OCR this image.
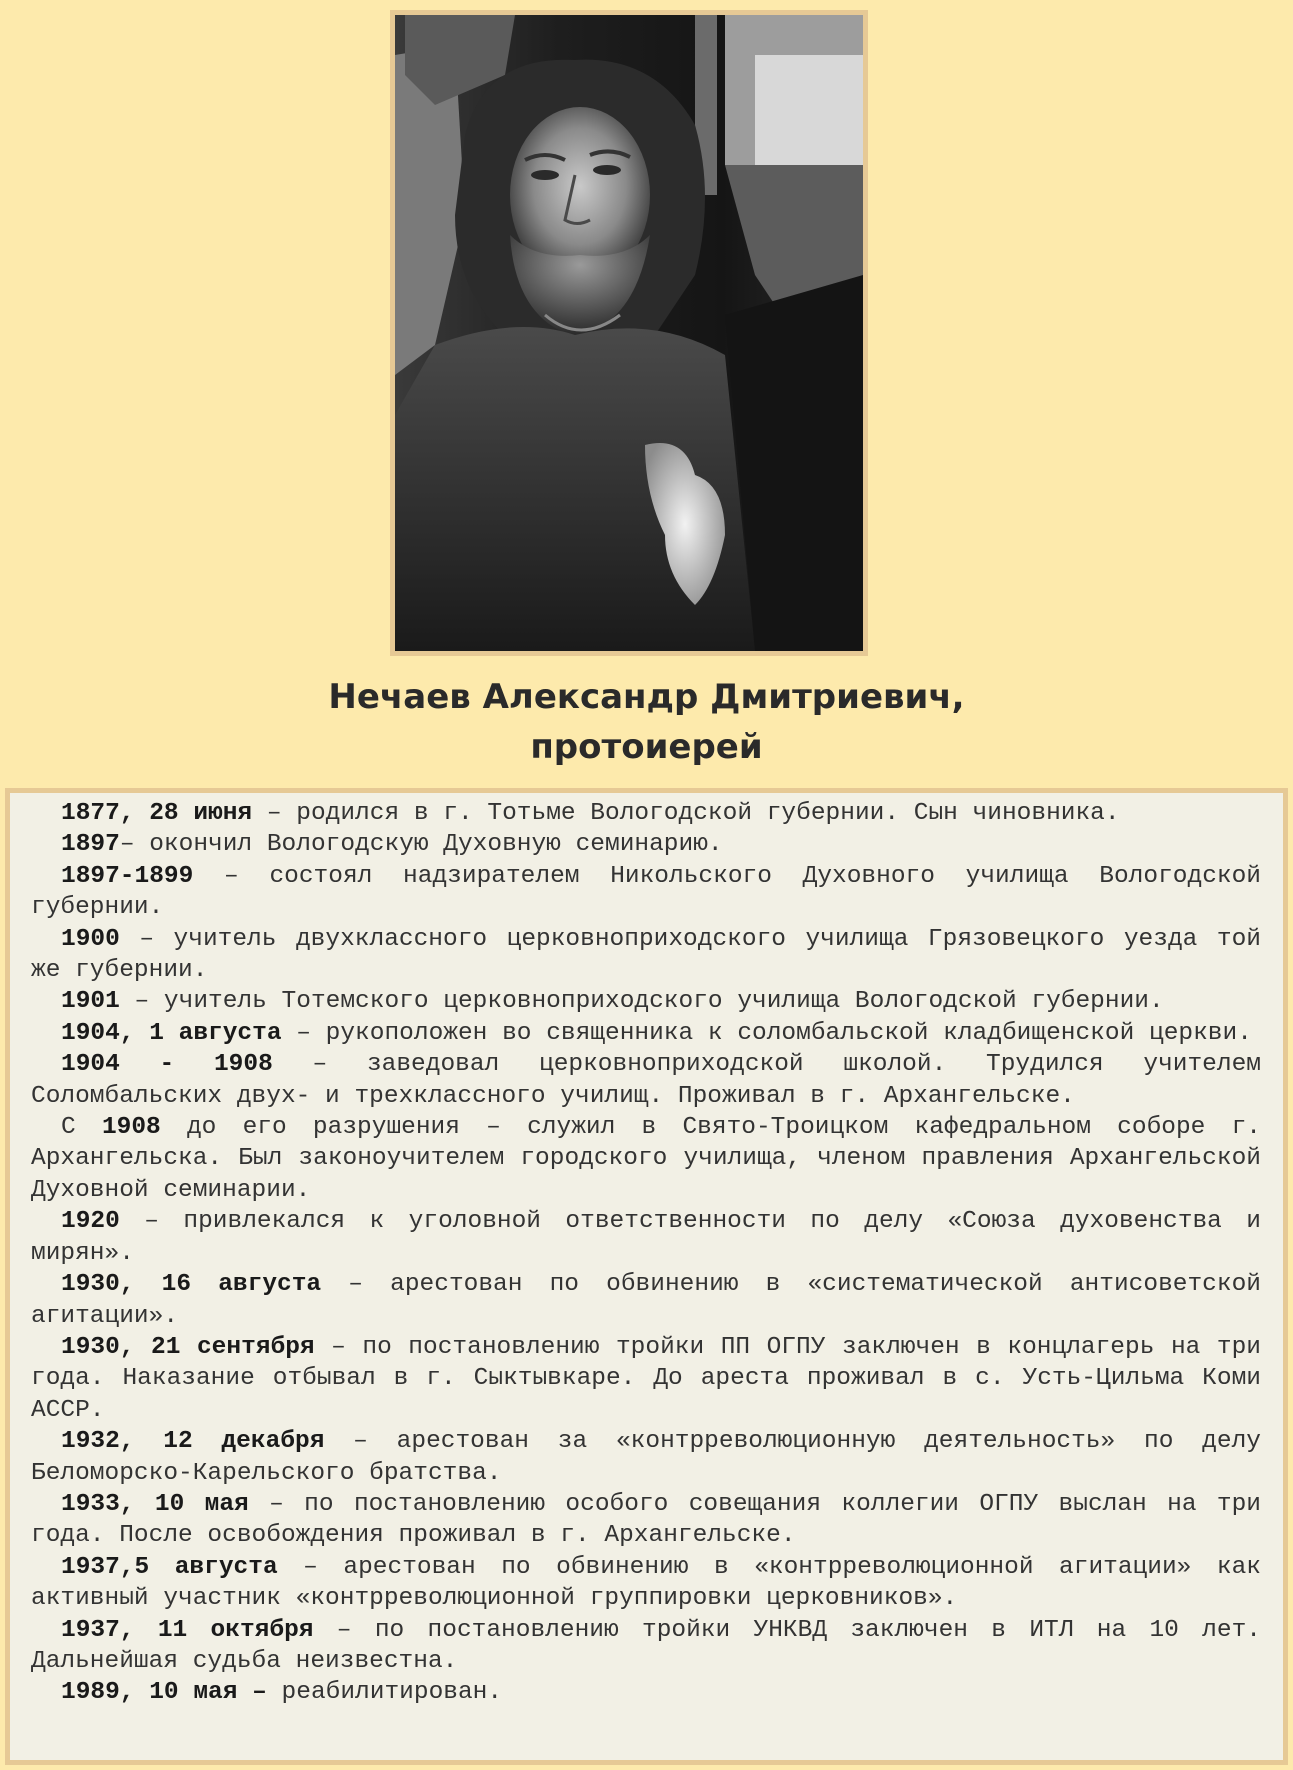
Нечаев Александр Дмитриевич,
протоиерей

1877, 28 июня – родился в г. Тотьме Вологодской губернии. Сын чиновника.

1897– окончил Вологодскую Духовную семинарию.

1897-1899 – состоял надзирателем Никольского Духовного училища Вологодской губернии.

1900 – учитель двухклассного церковноприходского училища Грязовецкого уезда той же губернии.

1901 – учитель Тотемского церковноприходского училища Вологодской губернии.

1904, 1 августа – рукоположен во священника к соломбальской кладбищенской церкви.

1904 - 1908 – заведовал церковноприходской школой. Трудился учителем Соломбальских двух- и трехклассного училищ. Проживал в г. Архангельске.

С 1908 до его разрушения – служил в Свято-Троицком кафедральном соборе г. Архангельска. Был законоучителем городского училища, членом правления Архангельской Духовной семинарии.

1920 – привлекался к уголовной ответственности по делу «Союза духовенства и мирян».

1930, 16 августа – арестован по обвинению в «систематической антисоветской агитации».

1930, 21 сентября – по постановлению тройки ПП ОГПУ заключен в концлагерь на три года. Наказание отбывал в г. Сыктывкаре. До ареста проживал в с. Усть-Цильма Коми АССР.

1932, 12 декабря – арестован за «контрреволюционную деятельность» по делу Беломорско-Карельского братства.

1933, 10 мая – по постановлению особого совещания коллегии ОГПУ выслан на три года. После освобождения проживал в г. Архангельске.

1937,5 августа – арестован по обвинению в «контрреволюционной агитации» как активный участник «контрреволюционной группировки церковников».

1937, 11 октября – по постановлению тройки УНКВД заключен в ИТЛ на 10 лет. Дальнейшая судьба неизвестна.

1989, 10 мая – реабилитирован.
